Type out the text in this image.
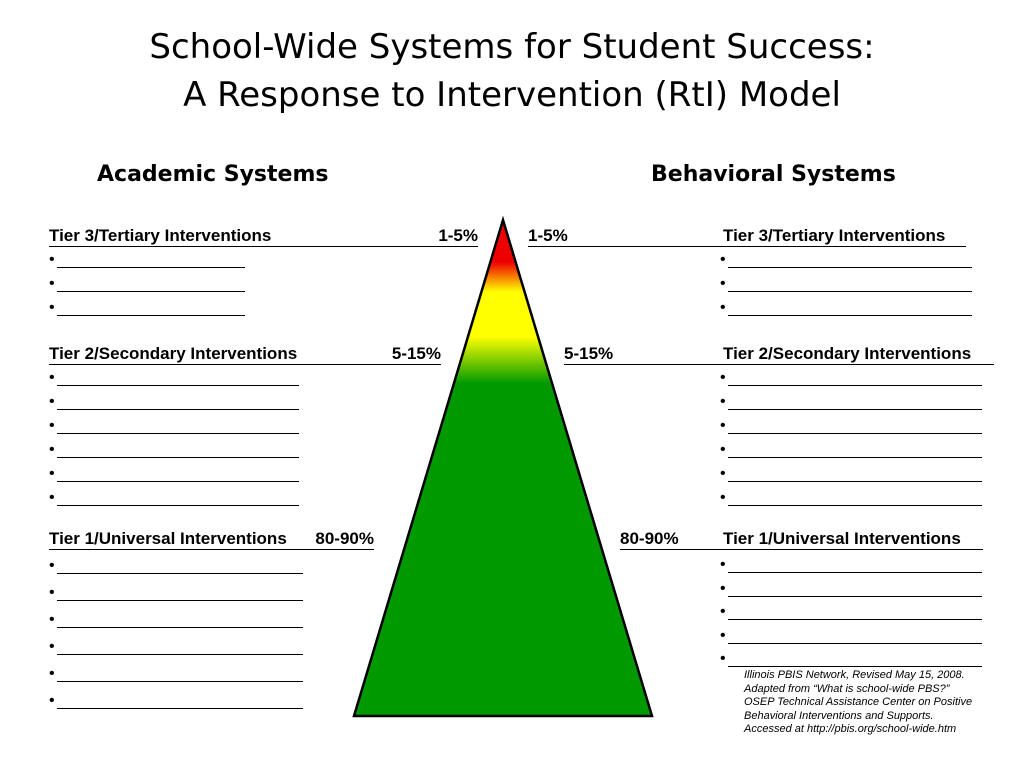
School-Wide Systems for Student Success:
A Response to Intervention (RtI) Model
Academic Systems	Behavioral Systems
Tier 3/Tertiary Interventions	1-5%
•
•
•
Tier 2/Secondary Interventions	5-15%
•
•
•
•
•
•
Tier 1/Universal Interventions 80-90%
•
•
•
•
•
•
1-5%	Tier 3/Tertiary Interventions
•
•
•
5-15%	Tier 2/Secondary Interventions
•
•
•
•
•
•
80-90%	Tier 1/Universal Interventions
•
•
•
•
•
Illinois PBIS Network, Revised May 15, 2008.
Adapted from “What is school-wide PBS?”
OSEP Technical Assistance Center on Positive
Behavioral Interventions and Supports.
Accessed at http://pbis.org/school-wide.htm
